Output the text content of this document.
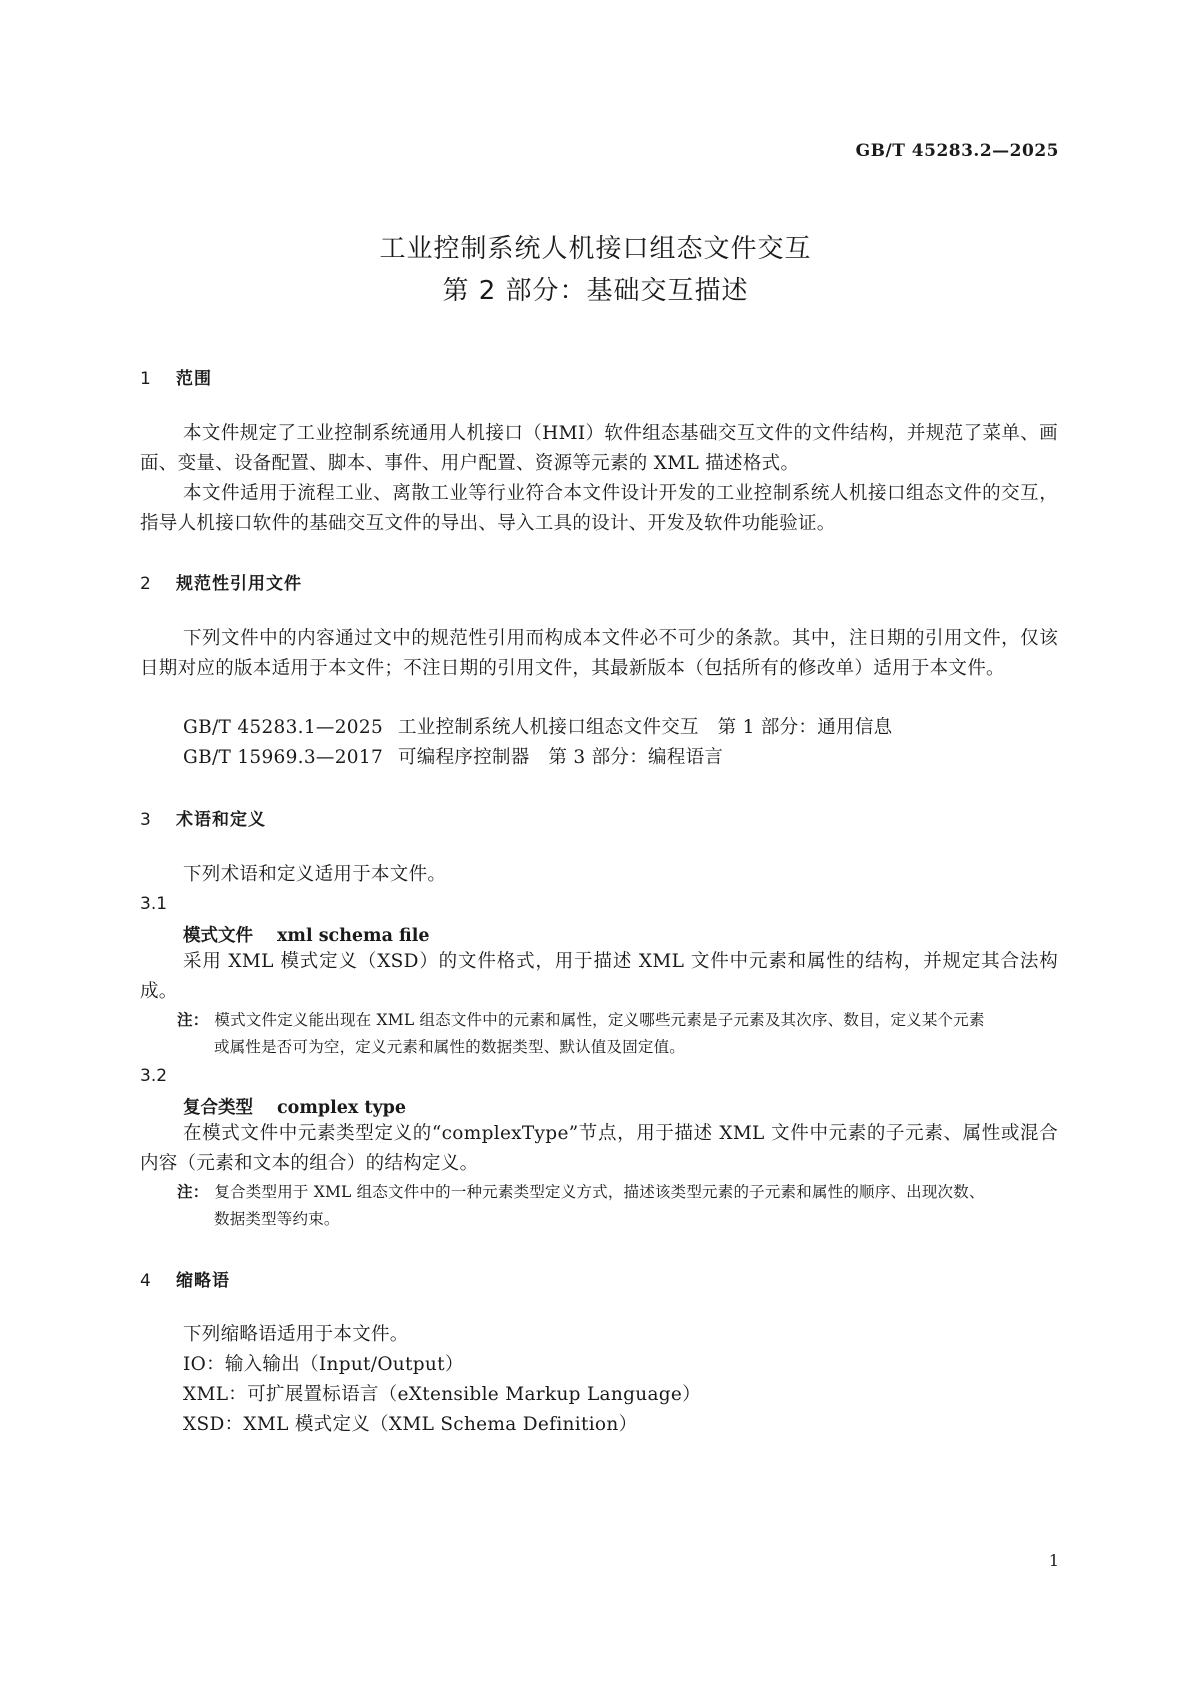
GB/T 45283.2—2025
工业控制系统人机接口组态文件交互
第 2 部分：基础交互描述
1 范围
本文件规定了工业控制系统通用人机接口（HMI）软件组态基础交互文件的文件结构，并规范了菜单、画面、变量、设备配置、脚本、事件、用户配置、资源等元素的 XML 描述格式。
本文件适用于流程工业、离散工业等行业符合本文件设计开发的工业控制系统人机接口组态文件的交互，指导人机接口软件的基础交互文件的导出、导入工具的设计、开发及软件功能验证。
2 规范性引用文件
下列文件中的内容通过文中的规范性引用而构成本文件必不可少的条款。其中，注日期的引用文件，仅该日期对应的版本适用于本文件；不注日期的引用文件，其最新版本（包括所有的修改单）适用于本文件。
GB/T 45283.1—2025 工业控制系统人机接口组态文件交互　第 1 部分：通用信息
GB/T 15969.3—2017 可编程序控制器　第 3 部分：编程语言
3 术语和定义
下列术语和定义适用于本文件。
3.1
模式文件 xml schema file
采用 XML 模式定义（XSD）的文件格式，用于描述 XML 文件中元素和属性的结构，并规定其合法构成。
注： 模式文件定义能出现在 XML 组态文件中的元素和属性，定义哪些元素是子元素及其次序、数目，定义某个元素
或属性是否可为空，定义元素和属性的数据类型、默认值及固定值。
3.2
复合类型 complex type
在模式文件中元素类型定义的“complexType”节点，用于描述 XML 文件中元素的子元素、属性或混合内容（元素和文本的组合）的结构定义。
注： 复合类型用于 XML 组态文件中的一种元素类型定义方式，描述该类型元素的子元素和属性的顺序、出现次数、
数据类型等约束。
4 缩略语
下列缩略语适用于本文件。
IO：输入输出（Input/Output）
XML：可扩展置标语言（eXtensible Markup Language）
XSD：XML 模式定义（XML Schema Definition）
1
